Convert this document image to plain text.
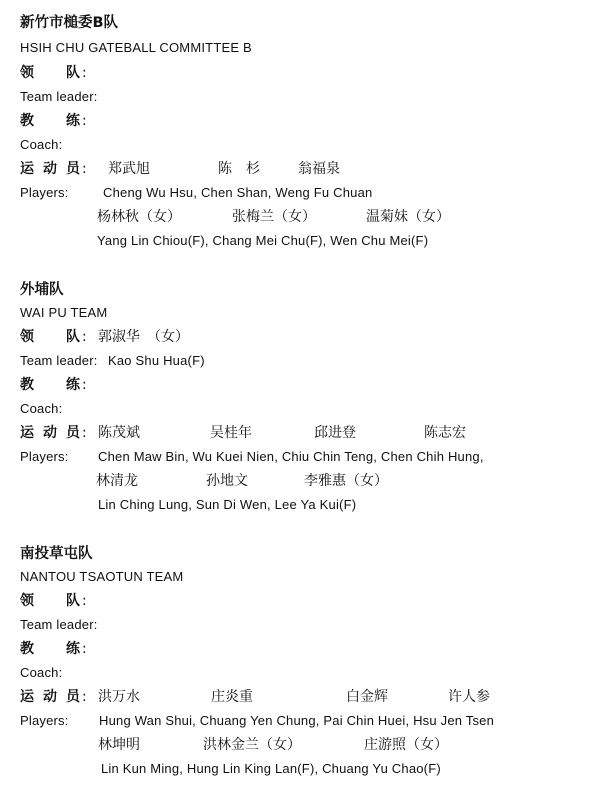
新竹市槌委B队
HSIH CHU GATEBALL COMMITTEE B
领 队 :
Team leader:
教 练 :
Coach:
运 动 员 : 郑武旭	陈　杉	翁福泉
Players:	Cheng Wu Hsu, Chen Shan, Weng Fu Chuan
杨林秋（女）	张梅兰（女）	温菊妹（女）
Yang Lin Chiou(F), Chang Mei Chu(F), Wen Chu Mei(F)
外埔队
WAI PU TEAM
领 队 : 郭淑华　（女）
Team leader: Kao Shu Hua(F)
教 练 :
Coach:
运 动 员 : 陈茂斌	吴桂年	邱进登	陈志宏
Players: Chen Maw Bin, Wu Kuei Nien, Chiu Chin Teng, Chen Chih Hung,
林清龙	孙地文	李雅惠（女）
Lin Ching Lung, Sun Di Wen, Lee Ya Kui(F)
南投草屯队
NANTOU TSAOTUN TEAM
领 队 :
Team leader:
教 练 :
Coach:
运 动 员 : 洪万水	庄炎重	白金辉	许人参
Players: Hung Wan Shui, Chuang Yen Chung, Pai Chin Huei, Hsu Jen Tsen
林坤明	洪林金兰（女）	庄游照（女）
Lin Kun Ming, Hung Lin King Lan(F), Chuang Yu Chao(F)
